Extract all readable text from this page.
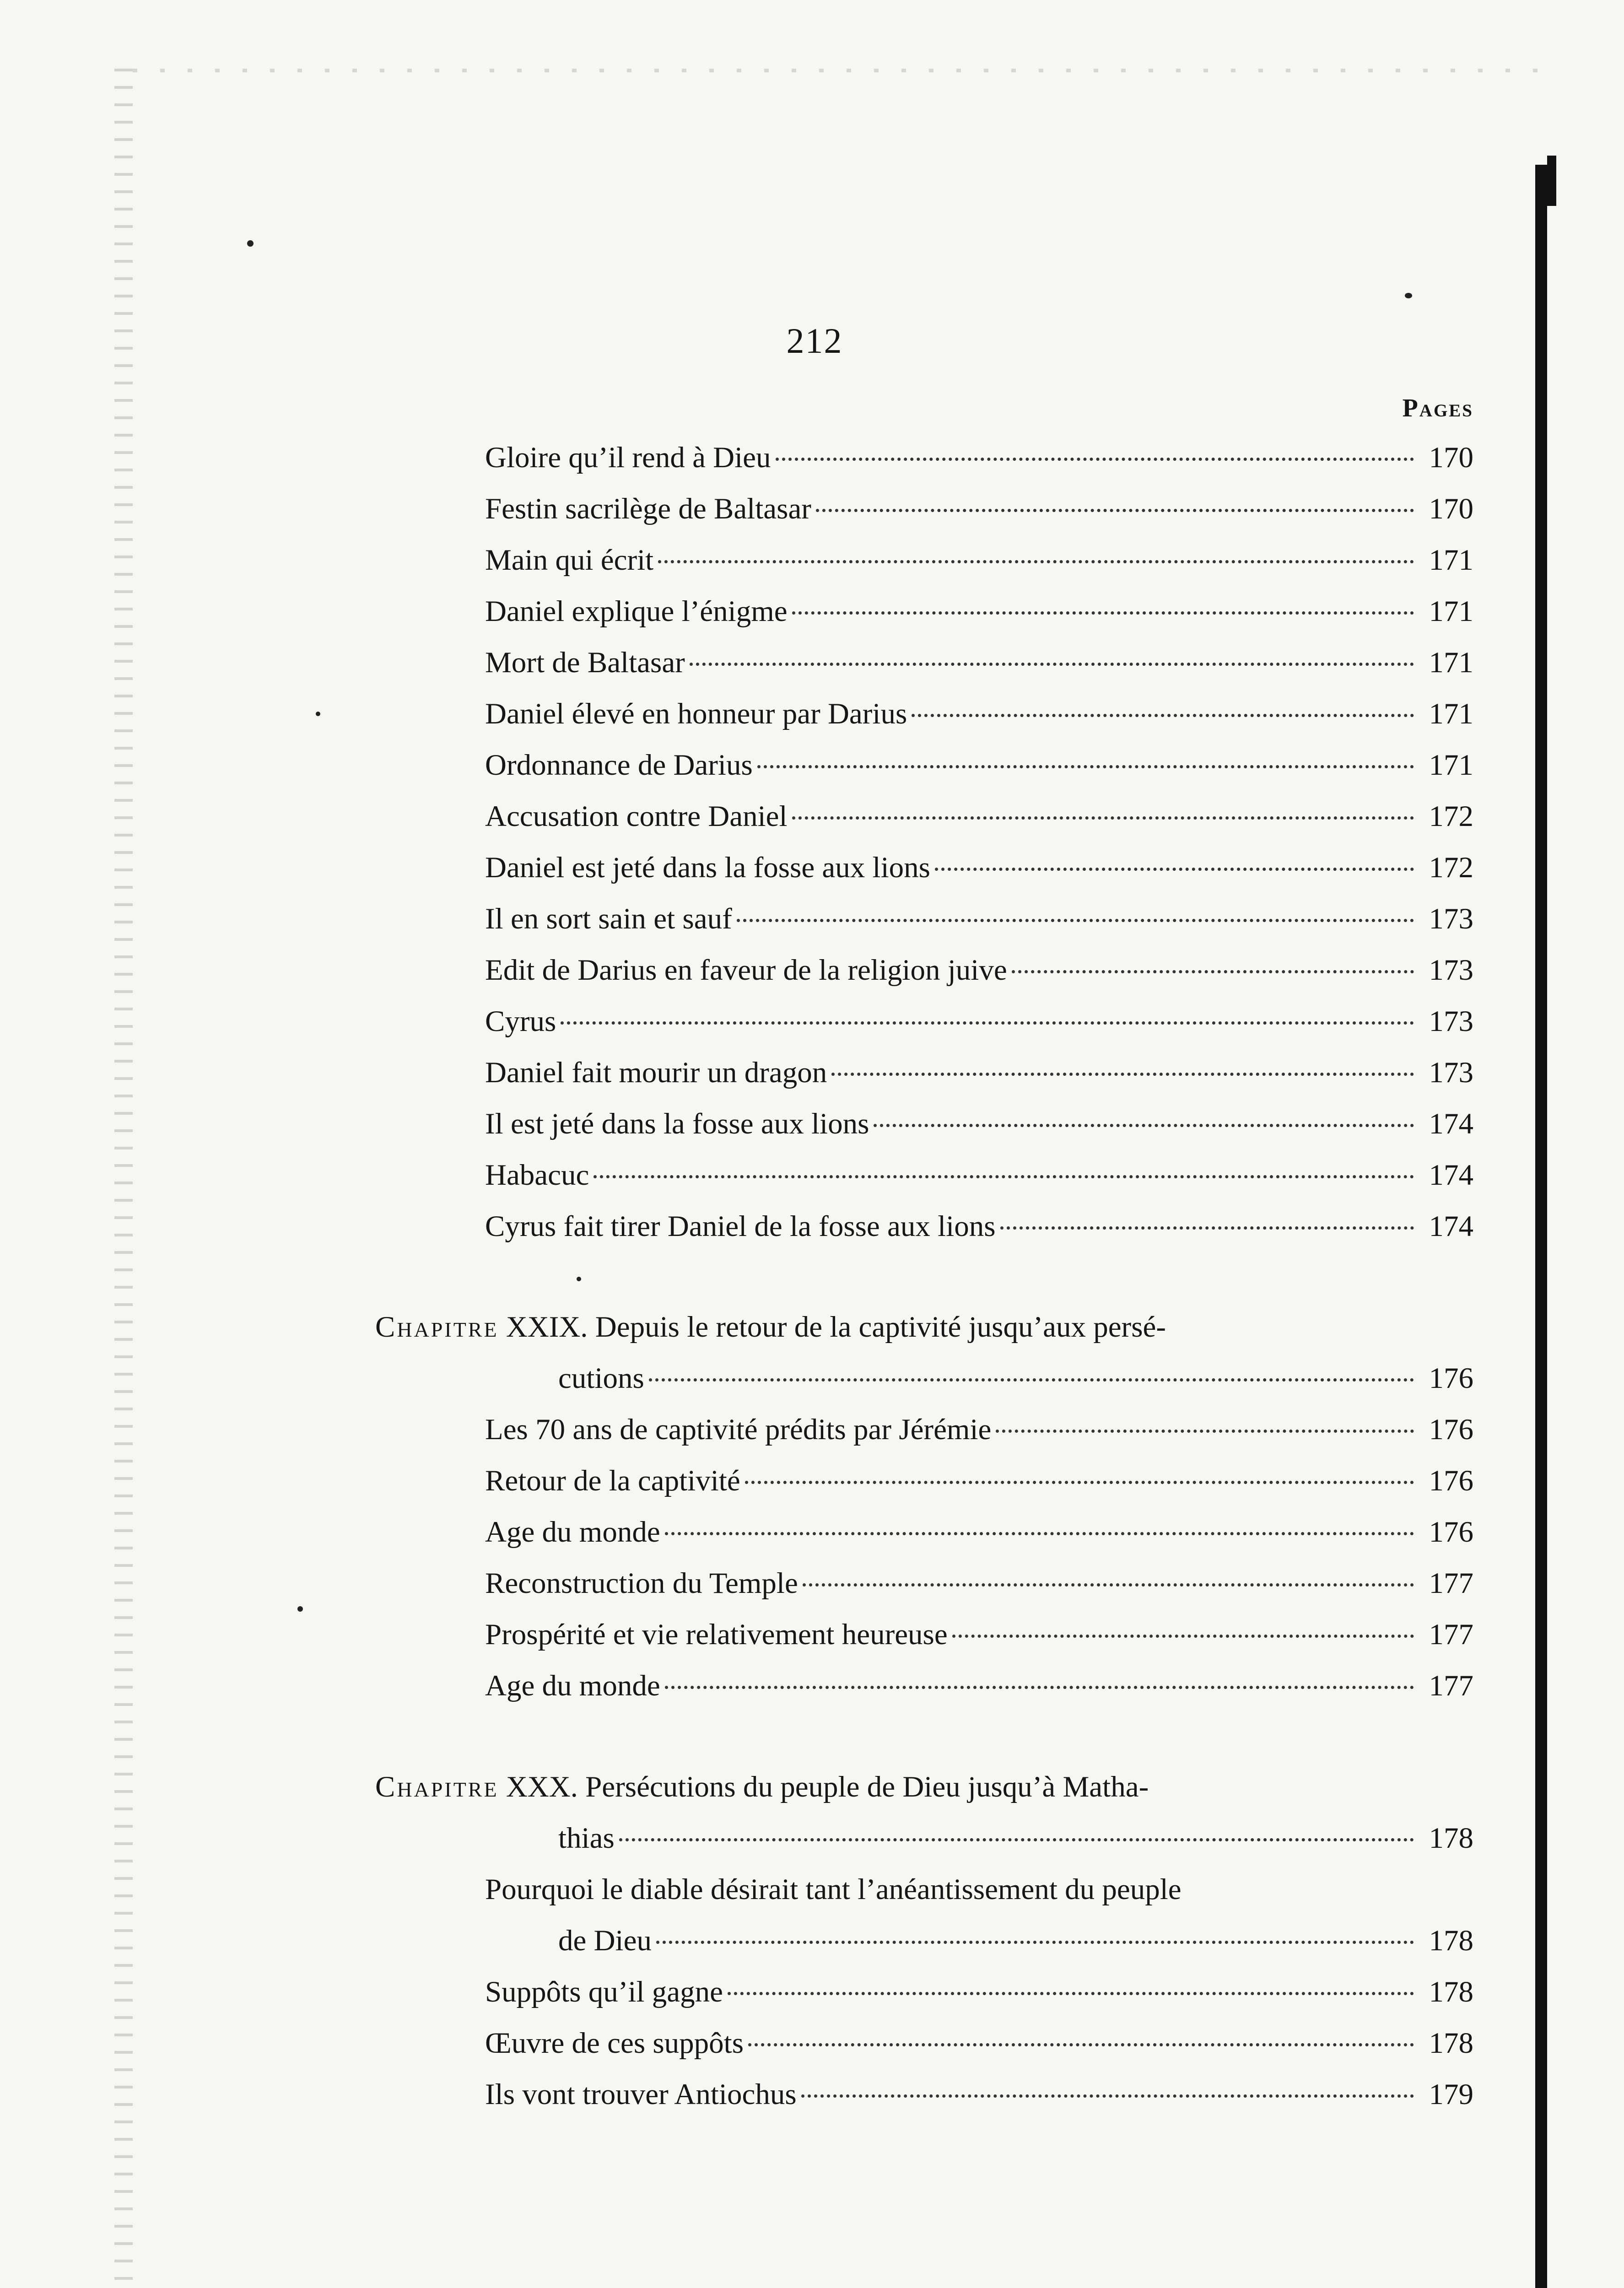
212
Pages
Gloire qu’il rend à Dieu	170
Festin sacrilège de Baltasar	170
Main qui écrit	171
Daniel explique l’énigme	171
Mort de Baltasar	171
Daniel élevé en honneur par Darius	171
Ordonnance de Darius	171
Accusation contre Daniel	172
Daniel est jeté dans la fosse aux lions	172
Il en sort sain et sauf	173
Edit de Darius en faveur de la religion juive	173
Cyrus	173
Daniel fait mourir un dragon	173
Il est jeté dans la fosse aux lions	174
Habacuc	174
Cyrus fait tirer Daniel de la fosse aux lions	174
Chapitre XXIX. Depuis le retour de la captivité jusqu’aux persé-
cutions	176
Les 70 ans de captivité prédits par Jérémie	176
Retour de la captivité	176
Age du monde	176
Reconstruction du Temple	177
Prospérité et vie relativement heureuse	177
Age du monde	177
Chapitre XXX. Persécutions du peuple de Dieu jusqu’à Matha-
thias	178
Pourquoi le diable désirait tant l’anéantissement du peuple
de Dieu	178
Suppôts qu’il gagne	178
Œuvre de ces suppôts	178
Ils vont trouver Antiochus	179
